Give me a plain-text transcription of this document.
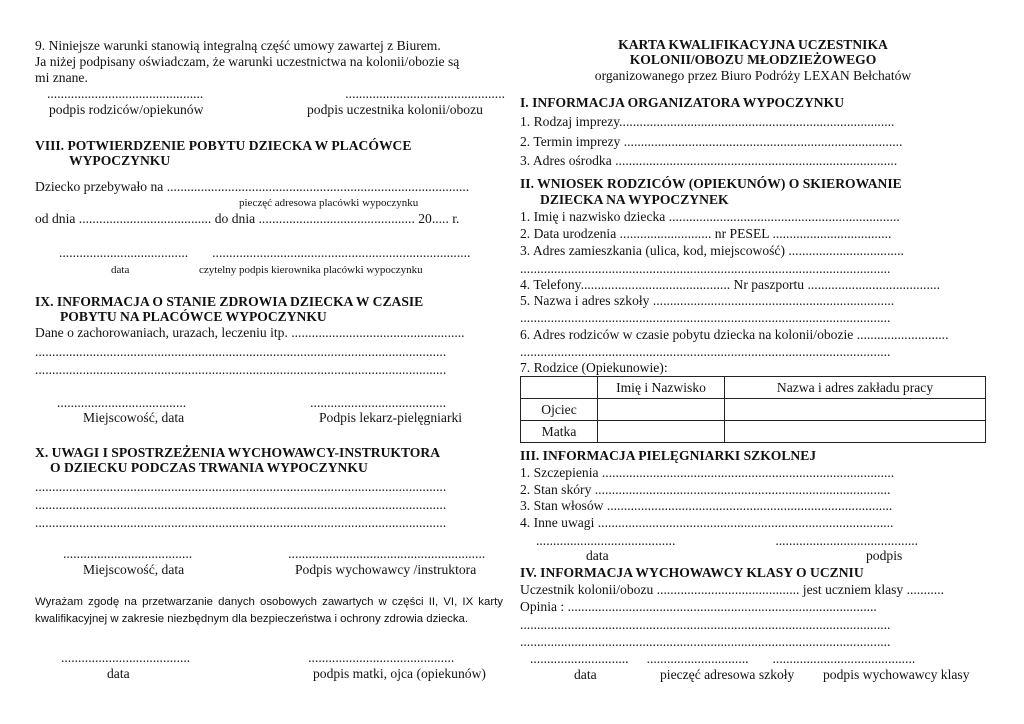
9. Niniejsze warunki stanowią integralną część umowy zawartej z Biurem.
Ja niżej podpisany oświadczam, że warunki uczestnictwa na kolonii/obozie są
mi znane.
..............................................	...............................................
podpis rodziców/opiekunów	podpis uczestnika kolonii/obozu
VIII. POTWIERDZENIE POBYTU DZIECKA W PLACÓWCE
WYPOCZYNKU
Dziecko przebywało na .........................................................................................
pieczęć adresowa placówki wypoczynku
od dnia ....................................... do dnia .............................................. 20..... r.
...................................... ............................................................................
data	czytelny podpis kierownika placówki wypoczynku
IX. INFORMACJA O STANIE ZDROWIA DZIECKA W CZASIE
POBYTU NA PLACÓWCE WYPOCZYNKU
Dane o zachorowaniach, urazach, leczeniu itp. ...................................................
.........................................................................................................................
.........................................................................................................................
......................................	........................................
Miejscowość, data	Podpis lekarz-pielęgniarki
X. UWAGI I SPOSTRZEŻENIA WYCHOWAWCY-INSTRUKTORA
O DZIECKU PODCZAS TRWANIA WYPOCZYNKU
.........................................................................................................................
.........................................................................................................................
.........................................................................................................................
......................................	..........................................................
Miejscowość, data	Podpis wychowawcy /instruktora
Wyrażam zgodę na przetwarzanie danych osobowych zawartych w części II, VI, IX karty kwalifikacyjnej w zakresie niezbędnym dla bezpieczeństwa i ochrony zdrowia dziecka.
......................................	...........................................
data	podpis matki, ojca (opiekunów)
KARTA KWALIFIKACYJNA UCZESTNIKA
KOLONII/OBOZU MŁODZIEŻOWEGO
organizowanego przez Biuro Podróży LEXAN Bełchatów
I. INFORMACJA ORGANIZATORA WYPOCZYNKU
1. Rodzaj imprezy.................................................................................
2. Termin imprezy ..................................................................................
3. Adres ośrodka ...................................................................................
II. WNIOSEK RODZICÓW (OPIEKUNÓW) O SKIEROWANIE
DZIECKA NA WYPOCZYNEK
1. Imię i nazwisko dziecka ....................................................................
2. Data urodzenia ........................... nr PESEL ...................................
3. Adres zamieszkania (ulica, kod, miejscowość) ..................................
.............................................................................................................
4. Telefony............................................ Nr paszportu .......................................
5. Nazwa i adres szkoły .......................................................................
.............................................................................................................
6. Adres rodziców w czasie pobytu dziecka na kolonii/obozie ...........................
.............................................................................................................
7. Rodzice (Opiekunowie):
	Imię i Nazwisko	Nazwa i adres zakładu pracy
Ojciec		
Matka		
III. INFORMACJA PIELĘGNIARKI SZKOLNEJ
1. Szczepienia ......................................................................................
2. Stan skóry .......................................................................................
3. Stan włosów ....................................................................................
4. Inne uwagi .......................................................................................
.........................................	..........................................
data	podpis
IV. INFORMACJA WYCHOWAWCY KLASY O UCZNIU
Uczestnik kolonii/obozu .......................................... jest uczniem klasy ...........
Opinia : ...........................................................................................
.............................................................................................................
.............................................................................................................
............................. .............................. ..........................................
data	pieczęć adresowa szkoły podpis wychowawcy klasy
